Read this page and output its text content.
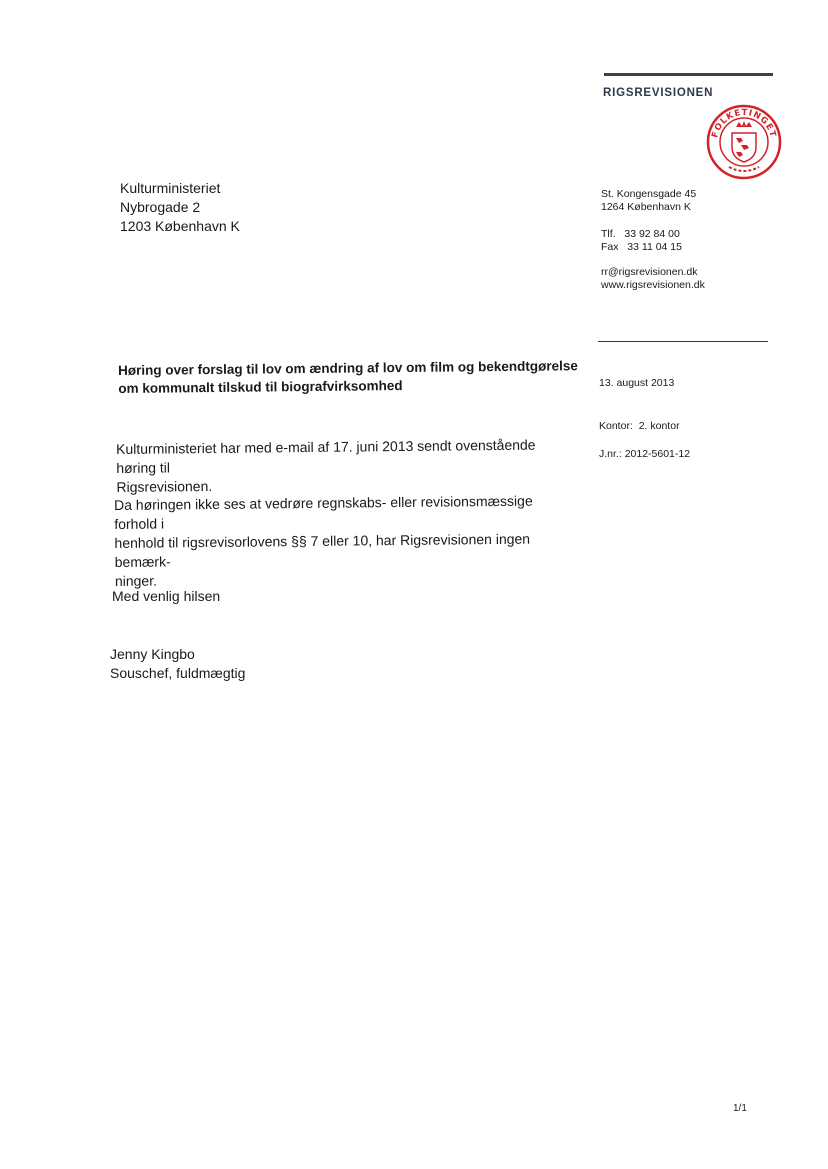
RIGSREVISIONEN
FOLKETINGET
Kulturministeriet
Nybrogade 2
1203 København K
St. Kongensgade 45
1264 København K
Tlf. 33 92 84 00
Fax 33 11 04 15
rr@rigsrevisionen.dk
www.rigsrevisionen.dk
Høring over forslag til lov om ændring af lov om film og bekendtgørelse
om kommunalt tilskud til biografvirksomhed	13. august 2013
Kontor: 2. kontor
J.nr.: 2012-5601-12
Kulturministeriet har med e-mail af 17. juni 2013 sendt ovenstående høring til
Rigsrevisionen.
Da høringen ikke ses at vedrøre regnskabs- eller revisionsmæssige forhold i
henhold til rigsrevisorlovens §§ 7 eller 10, har Rigsrevisionen ingen bemærk-
ninger.
Med venlig hilsen
Jenny Kingbo
Souschef, fuldmægtig
1/1
